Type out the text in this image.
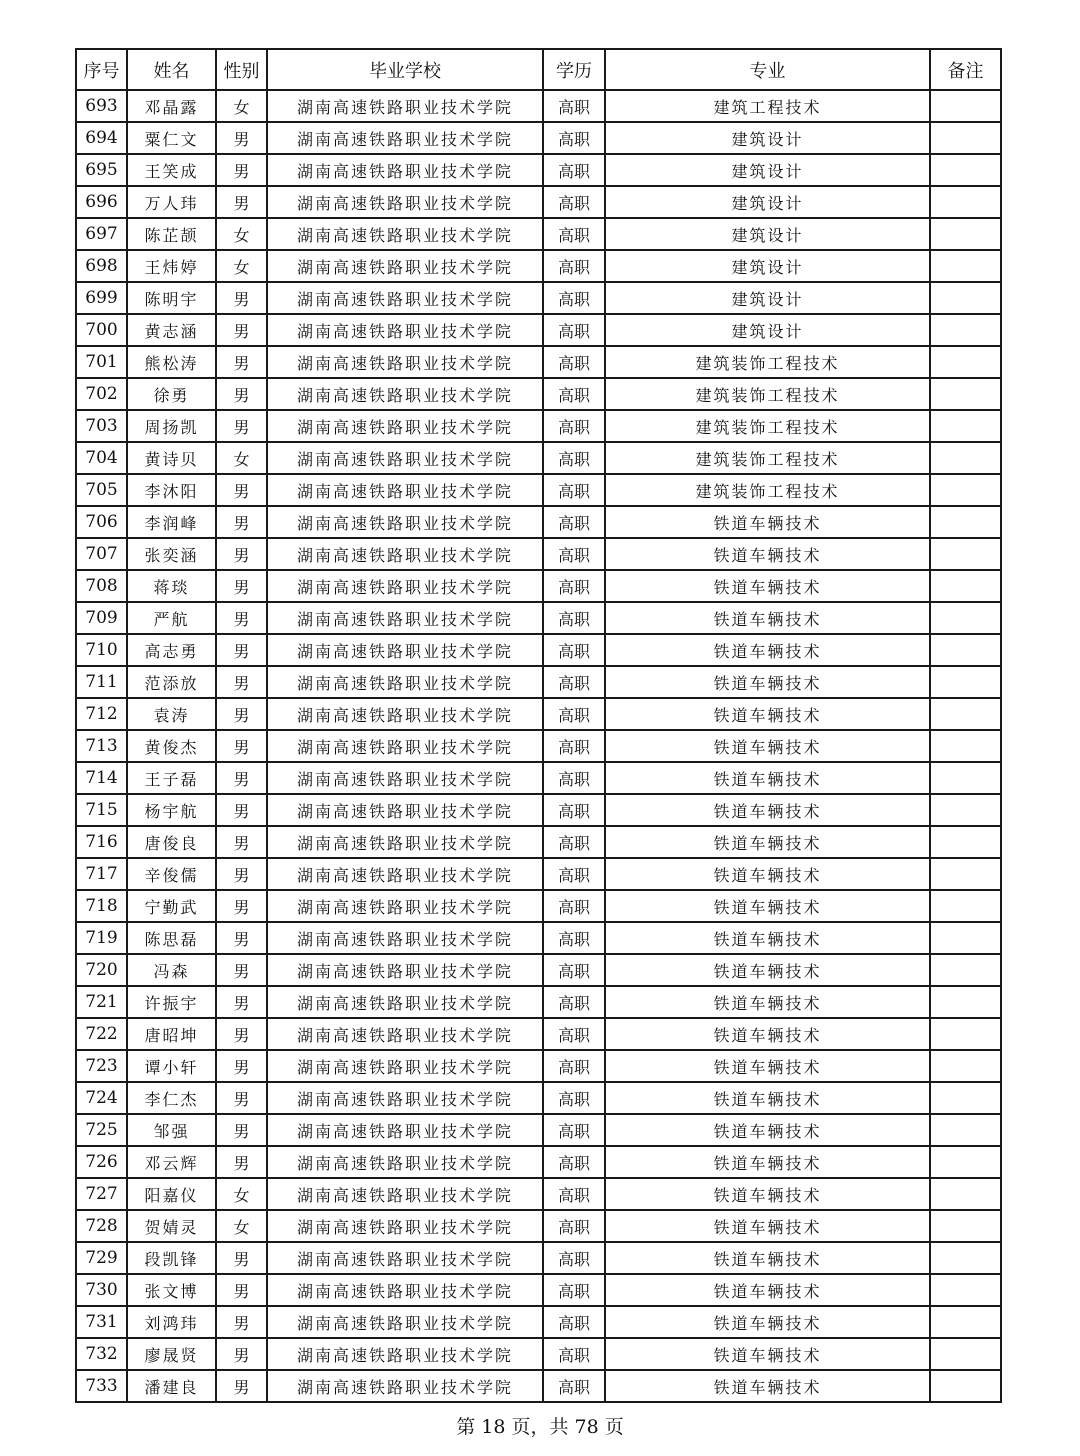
序号	姓名	性别	毕业学校	学历	专业	备注
693	邓晶露	女	湖南高速铁路职业技术学院	高职	建筑工程技术	
694	粟仁文	男	湖南高速铁路职业技术学院	高职	建筑设计	
695	王笑成	男	湖南高速铁路职业技术学院	高职	建筑设计	
696	万人玮	男	湖南高速铁路职业技术学院	高职	建筑设计	
697	陈芷颉	女	湖南高速铁路职业技术学院	高职	建筑设计	
698	王炜婷	女	湖南高速铁路职业技术学院	高职	建筑设计	
699	陈明宇	男	湖南高速铁路职业技术学院	高职	建筑设计	
700	黄志涵	男	湖南高速铁路职业技术学院	高职	建筑设计	
701	熊松涛	男	湖南高速铁路职业技术学院	高职	建筑装饰工程技术	
702	徐勇	男	湖南高速铁路职业技术学院	高职	建筑装饰工程技术	
703	周扬凯	男	湖南高速铁路职业技术学院	高职	建筑装饰工程技术	
704	黄诗贝	女	湖南高速铁路职业技术学院	高职	建筑装饰工程技术	
705	李沐阳	男	湖南高速铁路职业技术学院	高职	建筑装饰工程技术	
706	李润峰	男	湖南高速铁路职业技术学院	高职	铁道车辆技术	
707	张奕涵	男	湖南高速铁路职业技术学院	高职	铁道车辆技术	
708	蒋琰	男	湖南高速铁路职业技术学院	高职	铁道车辆技术	
709	严航	男	湖南高速铁路职业技术学院	高职	铁道车辆技术	
710	高志勇	男	湖南高速铁路职业技术学院	高职	铁道车辆技术	
711	范添放	男	湖南高速铁路职业技术学院	高职	铁道车辆技术	
712	袁涛	男	湖南高速铁路职业技术学院	高职	铁道车辆技术	
713	黄俊杰	男	湖南高速铁路职业技术学院	高职	铁道车辆技术	
714	王子磊	男	湖南高速铁路职业技术学院	高职	铁道车辆技术	
715	杨宇航	男	湖南高速铁路职业技术学院	高职	铁道车辆技术	
716	唐俊良	男	湖南高速铁路职业技术学院	高职	铁道车辆技术	
717	辛俊儒	男	湖南高速铁路职业技术学院	高职	铁道车辆技术	
718	宁勤武	男	湖南高速铁路职业技术学院	高职	铁道车辆技术	
719	陈思磊	男	湖南高速铁路职业技术学院	高职	铁道车辆技术	
720	冯森	男	湖南高速铁路职业技术学院	高职	铁道车辆技术	
721	许振宇	男	湖南高速铁路职业技术学院	高职	铁道车辆技术	
722	唐昭坤	男	湖南高速铁路职业技术学院	高职	铁道车辆技术	
723	谭小轩	男	湖南高速铁路职业技术学院	高职	铁道车辆技术	
724	李仁杰	男	湖南高速铁路职业技术学院	高职	铁道车辆技术	
725	邹强	男	湖南高速铁路职业技术学院	高职	铁道车辆技术	
726	邓云辉	男	湖南高速铁路职业技术学院	高职	铁道车辆技术	
727	阳嘉仪	女	湖南高速铁路职业技术学院	高职	铁道车辆技术	
728	贺婧灵	女	湖南高速铁路职业技术学院	高职	铁道车辆技术	
729	段凯锋	男	湖南高速铁路职业技术学院	高职	铁道车辆技术	
730	张文博	男	湖南高速铁路职业技术学院	高职	铁道车辆技术	
731	刘鸿玮	男	湖南高速铁路职业技术学院	高职	铁道车辆技术	
732	廖晟贤	男	湖南高速铁路职业技术学院	高职	铁道车辆技术	
733	潘建良	男	湖南高速铁路职业技术学院	高职	铁道车辆技术	
第 18 页，共 78 页
